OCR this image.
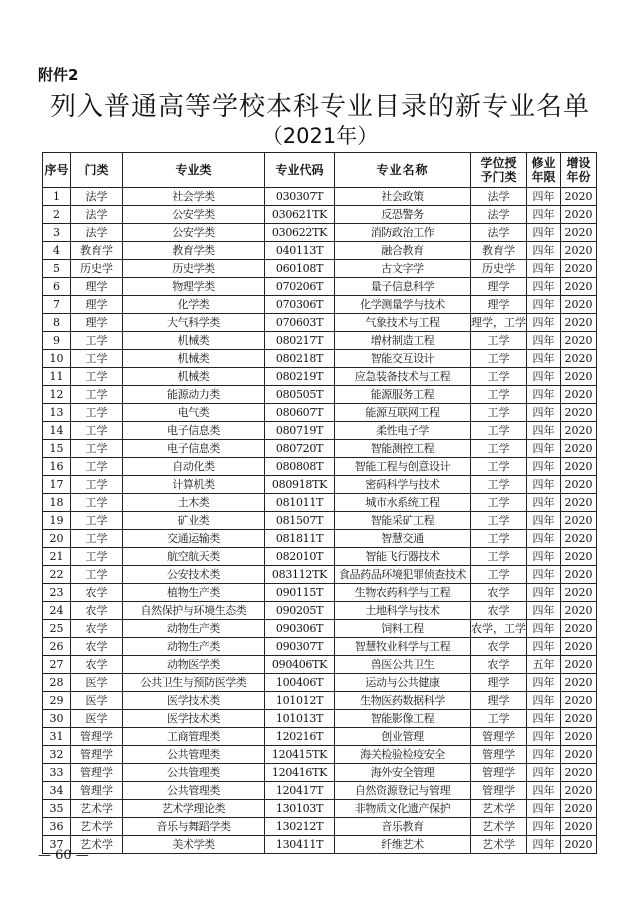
附件2
列入普通高等学校本科专业目录的新专业名单
（2021年）
序号	门类	专业类	专业代码	专业名称	学位授予门类	修业年限	增设年份
1	法学	社会学类	030307T	社会政策	法学	四年	2020
2	法学	公安学类	030621TK	反恐警务	法学	四年	2020
3	法学	公安学类	030622TK	消防政治工作	法学	四年	2020
4	教育学	教育学类	040113T	融合教育	教育学	四年	2020
5	历史学	历史学类	060108T	古文字学	历史学	四年	2020
6	理学	物理学类	070206T	量子信息科学	理学	四年	2020
7	理学	化学类	070306T	化学测量学与技术	理学	四年	2020
8	理学	大气科学类	070603T	气象技术与工程	理学，工学	四年	2020
9	工学	机械类	080217T	增材制造工程	工学	四年	2020
10	工学	机械类	080218T	智能交互设计	工学	四年	2020
11	工学	机械类	080219T	应急装备技术与工程	工学	四年	2020
12	工学	能源动力类	080505T	能源服务工程	工学	四年	2020
13	工学	电气类	080607T	能源互联网工程	工学	四年	2020
14	工学	电子信息类	080719T	柔性电子学	工学	四年	2020
15	工学	电子信息类	080720T	智能测控工程	工学	四年	2020
16	工学	自动化类	080808T	智能工程与创意设计	工学	四年	2020
17	工学	计算机类	080918TK	密码科学与技术	工学	四年	2020
18	工学	土木类	081011T	城市水系统工程	工学	四年	2020
19	工学	矿业类	081507T	智能采矿工程	工学	四年	2020
20	工学	交通运输类	081811T	智慧交通	工学	四年	2020
21	工学	航空航天类	082010T	智能飞行器技术	工学	四年	2020
22	工学	公安技术类	083112TK	食品药品环境犯罪侦查技术	工学	四年	2020
23	农学	植物生产类	090115T	生物农药科学与工程	农学	四年	2020
24	农学	自然保护与环境生态类	090205T	土地科学与技术	农学	四年	2020
25	农学	动物生产类	090306T	饲料工程	农学，工学	四年	2020
26	农学	动物生产类	090307T	智慧牧业科学与工程	农学	四年	2020
27	农学	动物医学类	090406TK	兽医公共卫生	农学	五年	2020
28	医学	公共卫生与预防医学类	100406T	运动与公共健康	理学	四年	2020
29	医学	医学技术类	101012T	生物医药数据科学	理学	四年	2020
30	医学	医学技术类	101013T	智能影像工程	工学	四年	2020
31	管理学	工商管理类	120216T	创业管理	管理学	四年	2020
32	管理学	公共管理类	120415TK	海关检验检疫安全	管理学	四年	2020
33	管理学	公共管理类	120416TK	海外安全管理	管理学	四年	2020
34	管理学	公共管理类	120417T	自然资源登记与管理	管理学	四年	2020
35	艺术学	艺术学理论类	130103T	非物质文化遗产保护	艺术学	四年	2020
36	艺术学	音乐与舞蹈学类	130212T	音乐教育	艺术学	四年	2020
37	艺术学	美术学类	130411T	纤维艺术	艺术学	四年	2020
— 60 —
